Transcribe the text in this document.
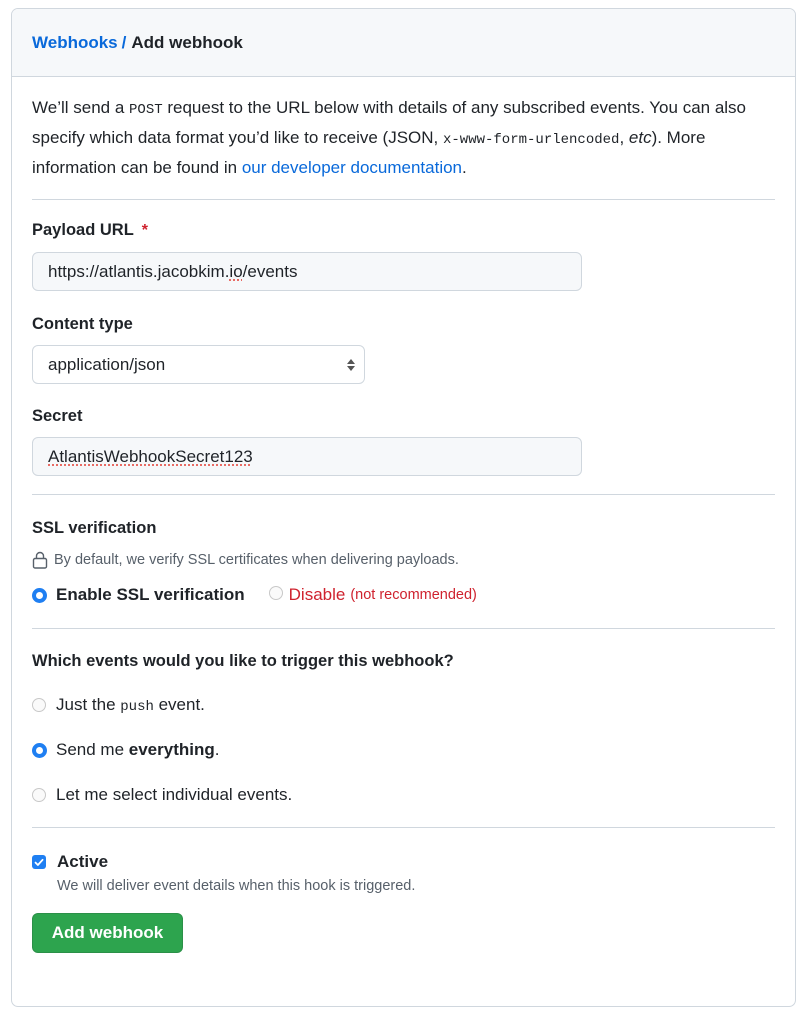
Webhooks / Add webhook

We’ll send a POST request to the URL below with details of any subscribed events. You can also specify which data format you’d like to receive (JSON, x-www-form-urlencoded, etc). More information can be found in our developer documentation.

Payload URL *
https://atlantis.jacobkim. io /events
Content type
application/json
Secret
AtlantisWebhookSecret123
SSL verification
By default, we verify SSL certificates when delivering payloads.
Enable SSL verification	Disable (not recommended)
Which events would you like to trigger this webhook?
Just the push event.
Send me everything.
Let me select individual events.
Active
We will deliver event details when this hook is triggered.
Add webhook
